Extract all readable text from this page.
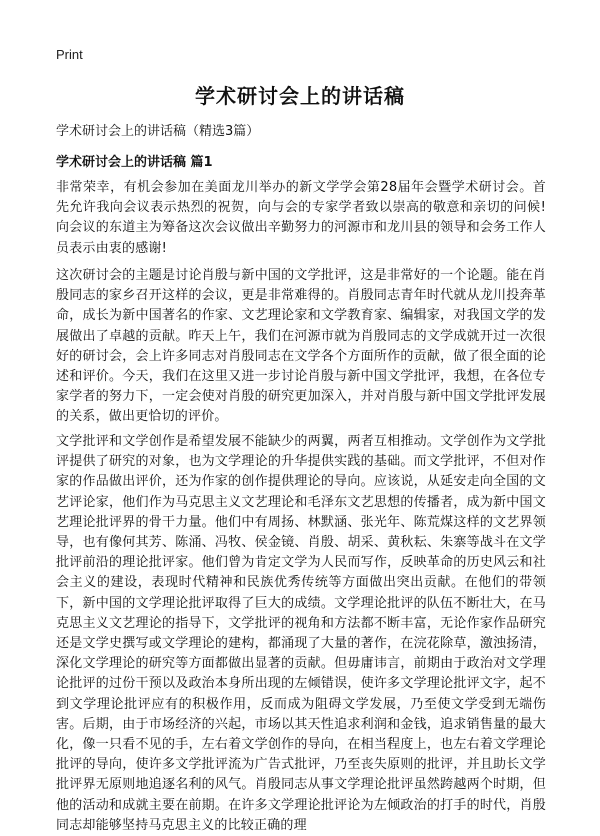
Print
学术研讨会上的讲话稿
学术研讨会上的讲话稿（精选3篇）
学术研讨会上的讲话稿 篇1

非常荣幸，有机会参加在美面龙川举办的新文学学会第28届年会暨学术研讨会。首先允许我向会议表示热烈的祝贺，向与会的专家学者致以崇高的敬意和亲切的问候!向会议的东道主为筹备这次会议做出辛勤努力的河源市和龙川县的领导和会务工作人员表示由衷的感谢!

这次研讨会的主题是讨论肖殷与新中国的文学批评，这是非常好的一个论题。能在肖殷同志的家乡召开这样的会议，更是非常难得的。肖殷同志青年时代就从龙川投奔革命，成长为新中国著名的作家、文艺理论家和文学教育家、编辑家，对我国文学的发展做出了卓越的贡献。昨天上午，我们在河源市就为肖殷同志的文学成就开过一次很好的研讨会，会上许多同志对肖殷同志在文学各个方面所作的贡献，做了很全面的论述和评价。今天，我们在这里又进一步讨论肖殷与新中国文学批评，我想，在各位专家学者的努力下，一定会使对肖殷的研究更加深入，并对肖殷与新中国文学批评发展的关系，做出更恰切的评价。

文学批评和文学创作是希望发展不能缺少的两翼，两者互相推动。文学创作为文学批评提供了研究的对象，也为文学理论的升华提供实践的基础。而文学批评，不但对作家的作品做出评价，还为作家的创作提供理论的导向。应该说，从延安走向全国的文艺评论家，他们作为马克思主义文艺理论和毛泽东文艺思想的传播者，成为新中国文艺理论批评界的骨干力量。他们中有周扬、林默涵、张光年、陈荒煤这样的文艺界领导，也有像何其芳、陈涌、冯牧、侯金镜、肖殷、胡采、黄秋耘、朱寨等战斗在文学批评前沿的理论批评家。他们曾为肯定文学为人民而写作，反映革命的历史风云和社会主义的建设，表现时代精神和民族优秀传统等方面做出突出贡献。在他们的带领下，新中国的文学理论批评取得了巨大的成绩。文学理论批评的队伍不断壮大，在马克思主义文艺理论的指导下，文学批评的视角和方法都不断丰富，无论作家作品研究还是文学史撰写或文学理论的建构，都涌现了大量的著作，在浣花除草，激浊扬清，深化文学理论的研究等方面都做出显著的贡献。但毋庸讳言，前期由于政治对文学理论批评的过份干预以及政治本身所出现的左倾错误，使许多文学理论批评文字，起不到文学理论批评应有的积极作用，反而成为阻碍文学发展，乃至使文学受到无端伤害。后期，由于市场经济的兴起，市场以其天性追求利润和金钱，追求销售量的最大化，像一只看不见的手，左右着文学创作的导向，在相当程度上，也左右着文学理论批评的导向，使许多文学批评流为广告式批评，乃至丧失原则的批评，并且助长文学批评界无原则地追逐名利的风气。肖殷同志从事文学理论批评虽然跨越两个时期，但他的活动和成就主要在前期。在许多文学理论批评论为左倾政治的打手的时代，肖殷同志却能够坚持马克思主义的比较正确的理
